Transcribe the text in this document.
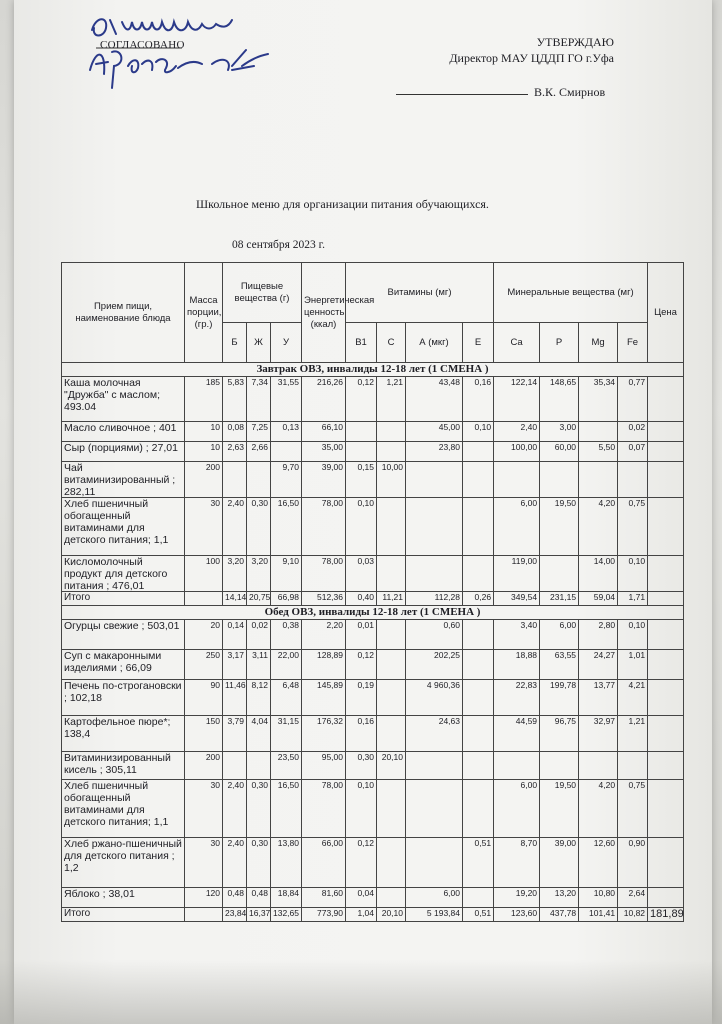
СОГЛАСОВАНО	УТВЕРЖДАЮ
Директор МАУ ЦДДП ГО г.Уфа
В.К. Смирнов
Школьное меню для организации питания обучающихся.
08 сентября 2023 г.
Прием пищи, наименование блюда	Масса порции, (гр.)	Пищевые вещества (г)			Энергетическая ценность (ккал)	Витамины (мг)				Минеральные вещества (мг)				Цена
		Б	Ж	У		B1	С	А (мкг)	Е	Ca	P	Mg	Fe	
Завтрак ОВЗ, инвалиды 12-18 лет (1 СМЕНА )														

Каша молочная "Дружба" с маслом; 493.04	185	5,83	7,34	31,55	216,26	0,12	1,21	43,48	0,16	122,14	148,65	35,34	0,77	

Масло сливочное ; 401	10	0,08	7,25	0,13	66,10			45,00	0,10	2,40	3,00		0,02	

Сыр (порциями) ; 27,01	10	2,63	2,66		35,00			23,80		100,00	60,00	5,50	0,07	

Чай витаминизированный ; 282,11	200			9,70	39,00	0,15	10,00							

Хлеб пшеничный обогащенный витаминами для детского питания; 1,1	30	2,40	0,30	16,50	78,00	0,10				6,00	19,50	4,20	0,75	

Кисломолочный продукт для детского питания ; 476,01	100	3,20	3,20	9,10	78,00	0,03				119,00		14,00	0,10	
Итого		14,14	20,75	66,98	512,36	0,40	11,21	112,28	0,26	349,54	231,15	59,04	1,71	
Обед ОВЗ, инвалиды 12-18 лет (1 СМЕНА )														

Огурцы свежие ; 503,01	20	0,14	0,02	0,38	2,20	0,01		0,60		3,40	6,00	2,80	0,10	

Суп с макаронными изделиями ; 66,09	250	3,17	3,11	22,00	128,89	0,12		202,25		18,88	63,55	24,27	1,01	

Печень по-строгановски ; 102,18	90	11,46	8,12	6,48	145,89	0,19		4 960,36		22,83	199,78	13,77	4,21	

Картофельное пюре*; 138,4	150	3,79	4,04	31,15	176,32	0,16		24,63		44,59	96,75	32,97	1,21	

Витаминизированный кисель ; 305,11	200			23,50	95,00	0,30	20,10							

Хлеб пшеничный обогащенный витаминами для детского питания; 1,1	30	2,40	0,30	16,50	78,00	0,10				6,00	19,50	4,20	0,75	

Хлеб ржано-пшеничный для детского питания ; 1,2	30	2,40	0,30	13,80	66,00	0,12			0,51	8,70	39,00	12,60	0,90	

Яблоко ; 38,01	120	0,48	0,48	18,84	81,60	0,04		6,00		19,20	13,20	10,80	2,64	
Итого		23,84	16,37	132,65	773,90	1,04	20,10	5 193,84	0,51	123,60	437,78	101,41	10,82	181,89
